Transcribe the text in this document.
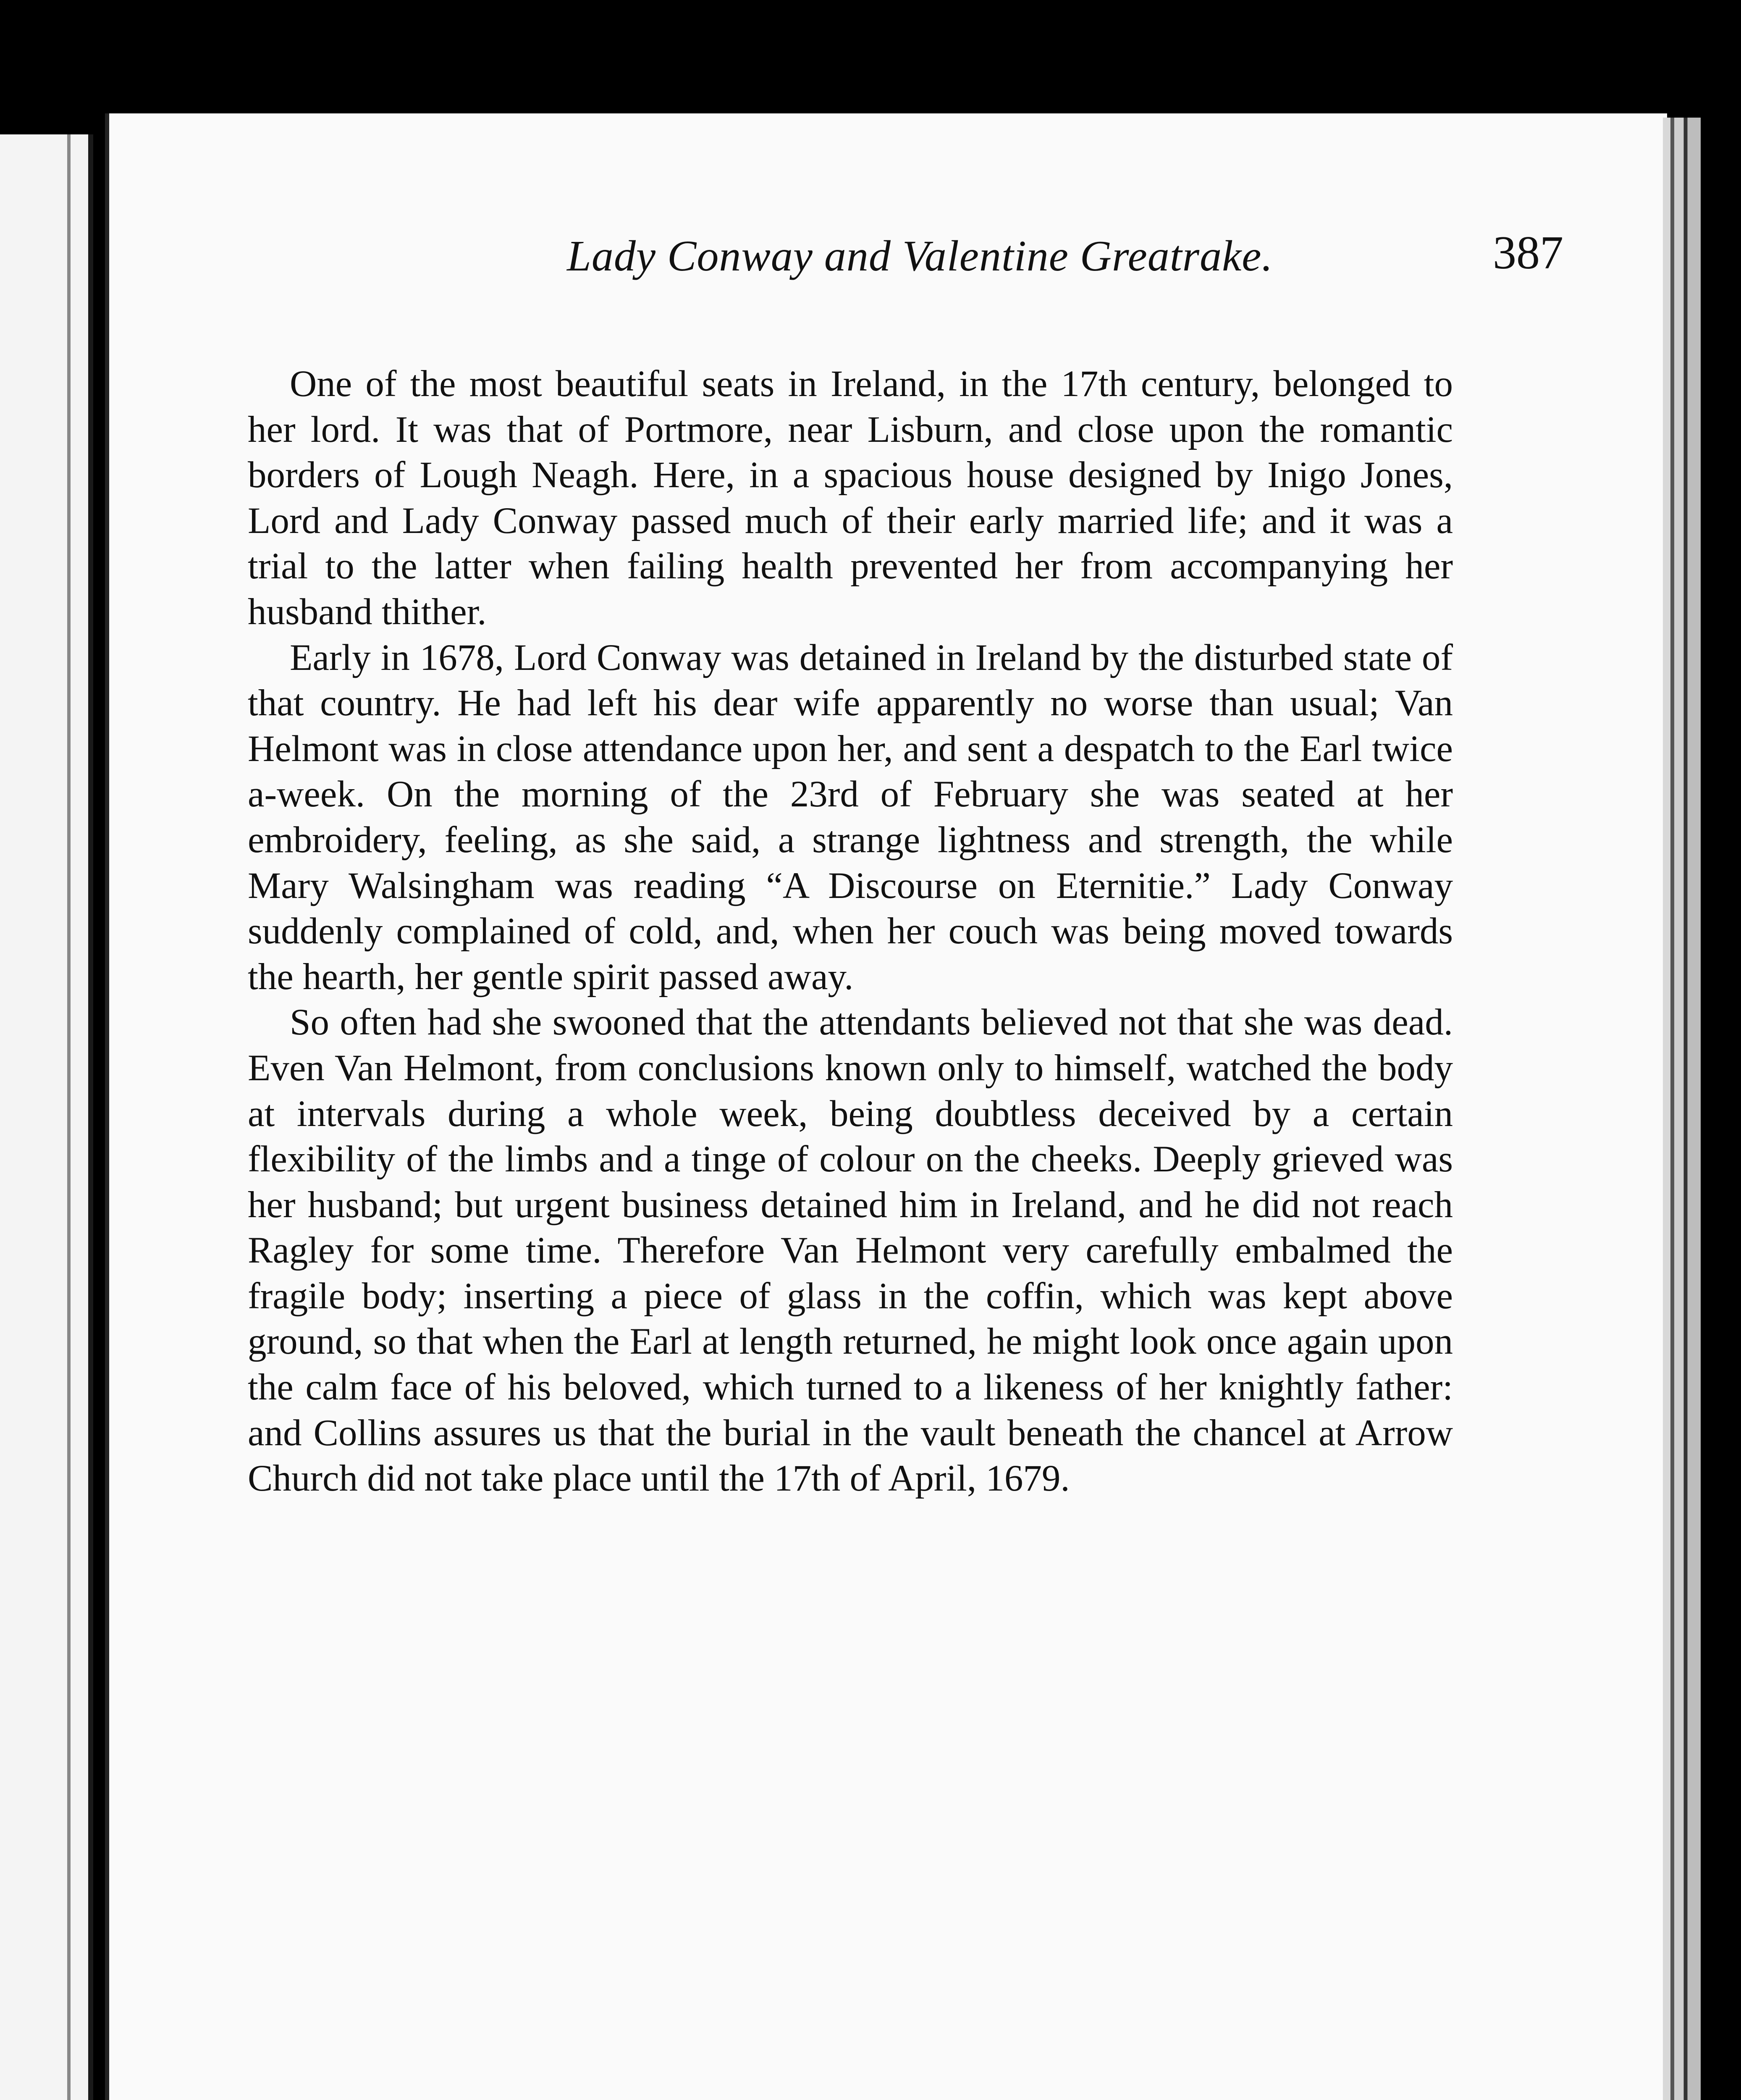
Lady Conway and Valentine Greatrake.	387

One of the most beautiful seats in Ireland, in the 17th century, belonged to her lord. It was that of Portmore, near Lisburn, and close upon the romantic borders of Lough Neagh. Here, in a spacious house designed by Inigo Jones, Lord and Lady Conway passed much of their early married life; and it was a trial to the latter when failing health prevented her from accompanying her husband thither.

Early in 1678, Lord Conway was detained in Ireland by the disturbed state of that country. He had left his dear wife apparently no worse than usual; Van Helmont was in close attendance upon her, and sent a despatch to the Earl twice a-week. On the morning of the 23rd of February she was seated at her embroidery, feeling, as she said, a strange lightness and strength, the while Mary Walsingham was reading “A Discourse on Eternitie.” Lady Conway suddenly complained of cold, and, when her couch was being moved towards the hearth, her gentle spirit passed away.

So often had she swooned that the attendants believed not that she was dead. Even Van Helmont, from conclusions known only to himself, watched the body at intervals during a whole week, being doubtless deceived by a certain flexibility of the limbs and a tinge of colour on the cheeks. Deeply grieved was her husband; but urgent business detained him in Ireland, and he did not reach Ragley for some time. Therefore Van Helmont very carefully embalmed the fragile body; inserting a piece of glass in the coffin, which was kept above ground, so that when the Earl at length returned, he might look once again upon the calm face of his beloved, which turned to a likeness of her knightly father: and Collins assures us that the burial in the vault beneath the chancel at Arrow Church did not take place until the 17th of April, 1679.
